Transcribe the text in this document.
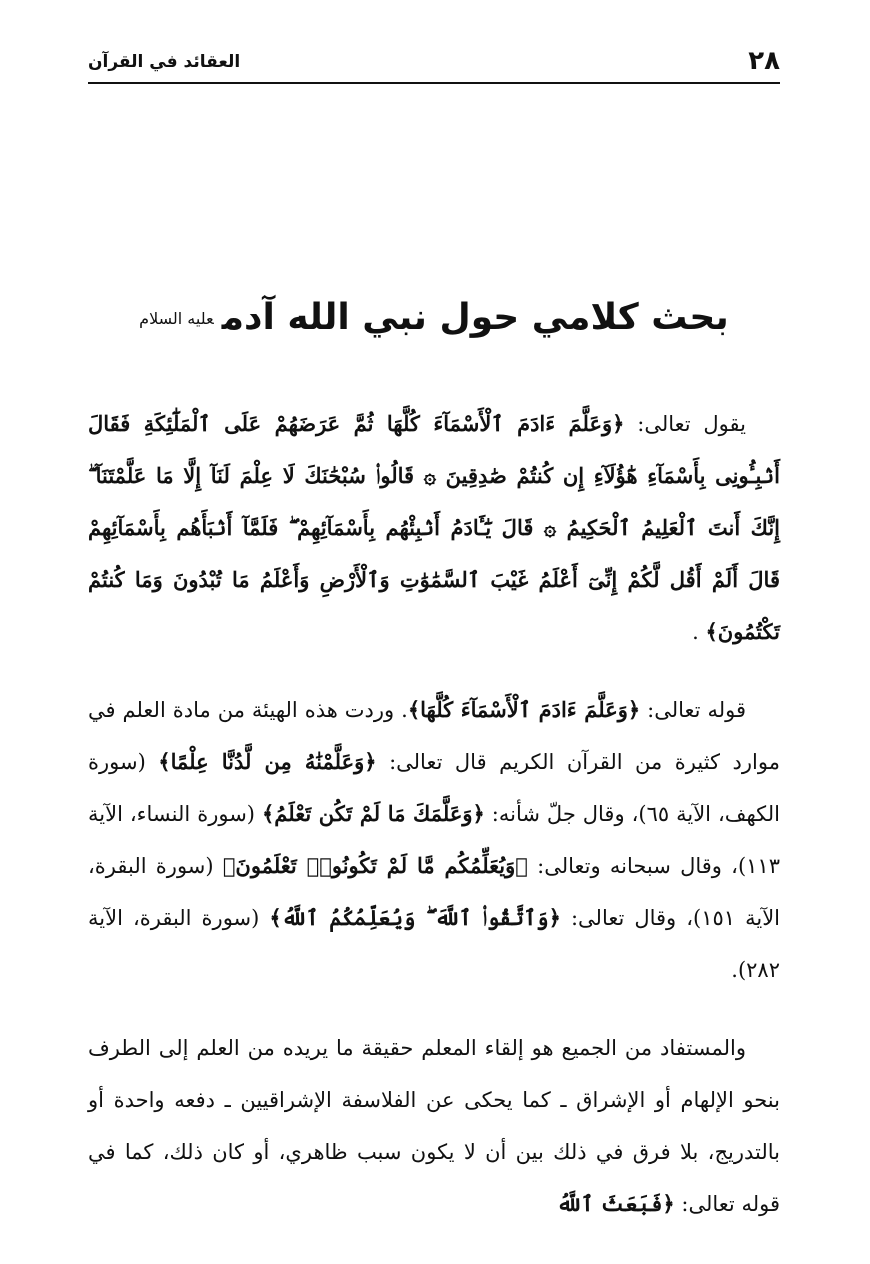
٢٨
العقائد في القرآن
بحث كلامي حول نبي الله آدمعليه السلام
يقول تعالى: ﴿وَعَلَّمَ ءَادَمَ ٱلْأَسْمَآءَ كُلَّهَا ثُمَّ عَرَضَهُمْ عَلَى ٱلْمَلَٰٓئِكَةِ فَقَالَ أَنۢبِـُٔونِى بِأَسْمَآءِ هَٰٓؤُلَآءِ إِن كُنتُمْ صَٰدِقِينَ ۞ قَالُوا۟ سُبْحَٰنَكَ لَا عِلْمَ لَنَآ إِلَّا مَا عَلَّمْتَنَآ ۖ إِنَّكَ أَنتَ ٱلْعَلِيمُ ٱلْحَكِيمُ ۞ قَالَ يَٰٓـَٔادَمُ أَنۢبِئْهُم بِأَسْمَآئِهِمْ ۖ فَلَمَّآ أَنۢبَأَهُم بِأَسْمَآئِهِمْ قَالَ أَلَمْ أَقُل لَّكُمْ إِنِّىٓ أَعْلَمُ غَيْبَ ٱلسَّمَٰوَٰتِ وَٱلْأَرْضِ وَأَعْلَمُ مَا تُبْدُونَ وَمَا كُنتُمْ تَكْتُمُونَ﴾ .
قوله تعالى: ﴿وَعَلَّمَ ءَادَمَ ٱلْأَسْمَآءَ كُلَّهَا﴾. وردت هذه الهيئة من مادة العلم في موارد كثيرة من القرآن الكريم قال تعالى: ﴿وَعَلَّمْنَٰهُ مِن لَّدُنَّا عِلْمًا﴾ (سورة الكهف، الآية ٦٥)، وقال جلّ شأنه: ﴿وَعَلَّمَكَ مَا لَمْ تَكُن تَعْلَمُ﴾ (سورة النساء، الآية ١١٣)، وقال سبحانه وتعالى: ﴿وَيُعَلِّمُكُم مَّا لَمْ تَكُونُوا۟ تَعْلَمُونَ﴾ (سورة البقرة، الآية ١٥١)، وقال تعالى: ﴿وَٱتَّقُوا۟ ٱللَّهَ ۖ وَيُعَلِّمُكُمُ ٱللَّهُ﴾ (سورة البقرة، الآية ٢٨٢).
والمستفاد من الجميع هو إلقاء المعلم حقيقة ما يريده من العلم إلى الطرف بنحو الإلهام أو الإشراق ـ كما يحكى عن الفلاسفة الإشراقيين ـ دفعه واحدة أو بالتدريج، بلا فرق في ذلك بين أن لا يكون سبب ظاهري، أو كان ذلك، كما في قوله تعالى: ﴿فَبَعَثَ ٱللَّهُ
